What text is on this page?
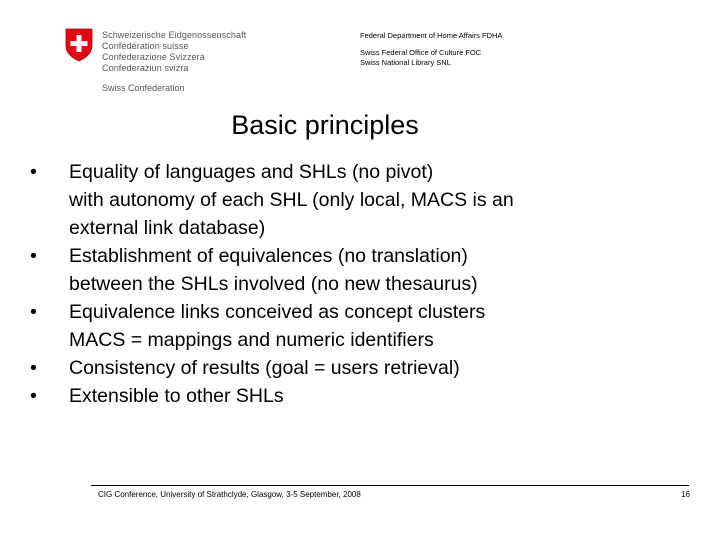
Schweizerische Eidgenossenschaft
Confédération suisse
Confederazione Svizzera
Confederaziun svizra
Swiss Confederation
Federal Department of Home Affairs FDHA
Swiss Federal Office of Culture FOC
Swiss National Library SNL
Basic principles
• Equality of languages and SHLs (no pivot)
with autonomy of each SHL (only local, MACS is an
external link database)
• Establishment of equivalences (no translation)
between the SHLs involved (no new thesaurus)
• Equivalence links conceived as concept clusters
MACS = mappings and numeric identifiers
• Consistency of results (goal = users retrieval)
• Extensible to other SHLs
CIG Conference, University of Strathclyde, Glasgow, 3-5 September, 2008	16
